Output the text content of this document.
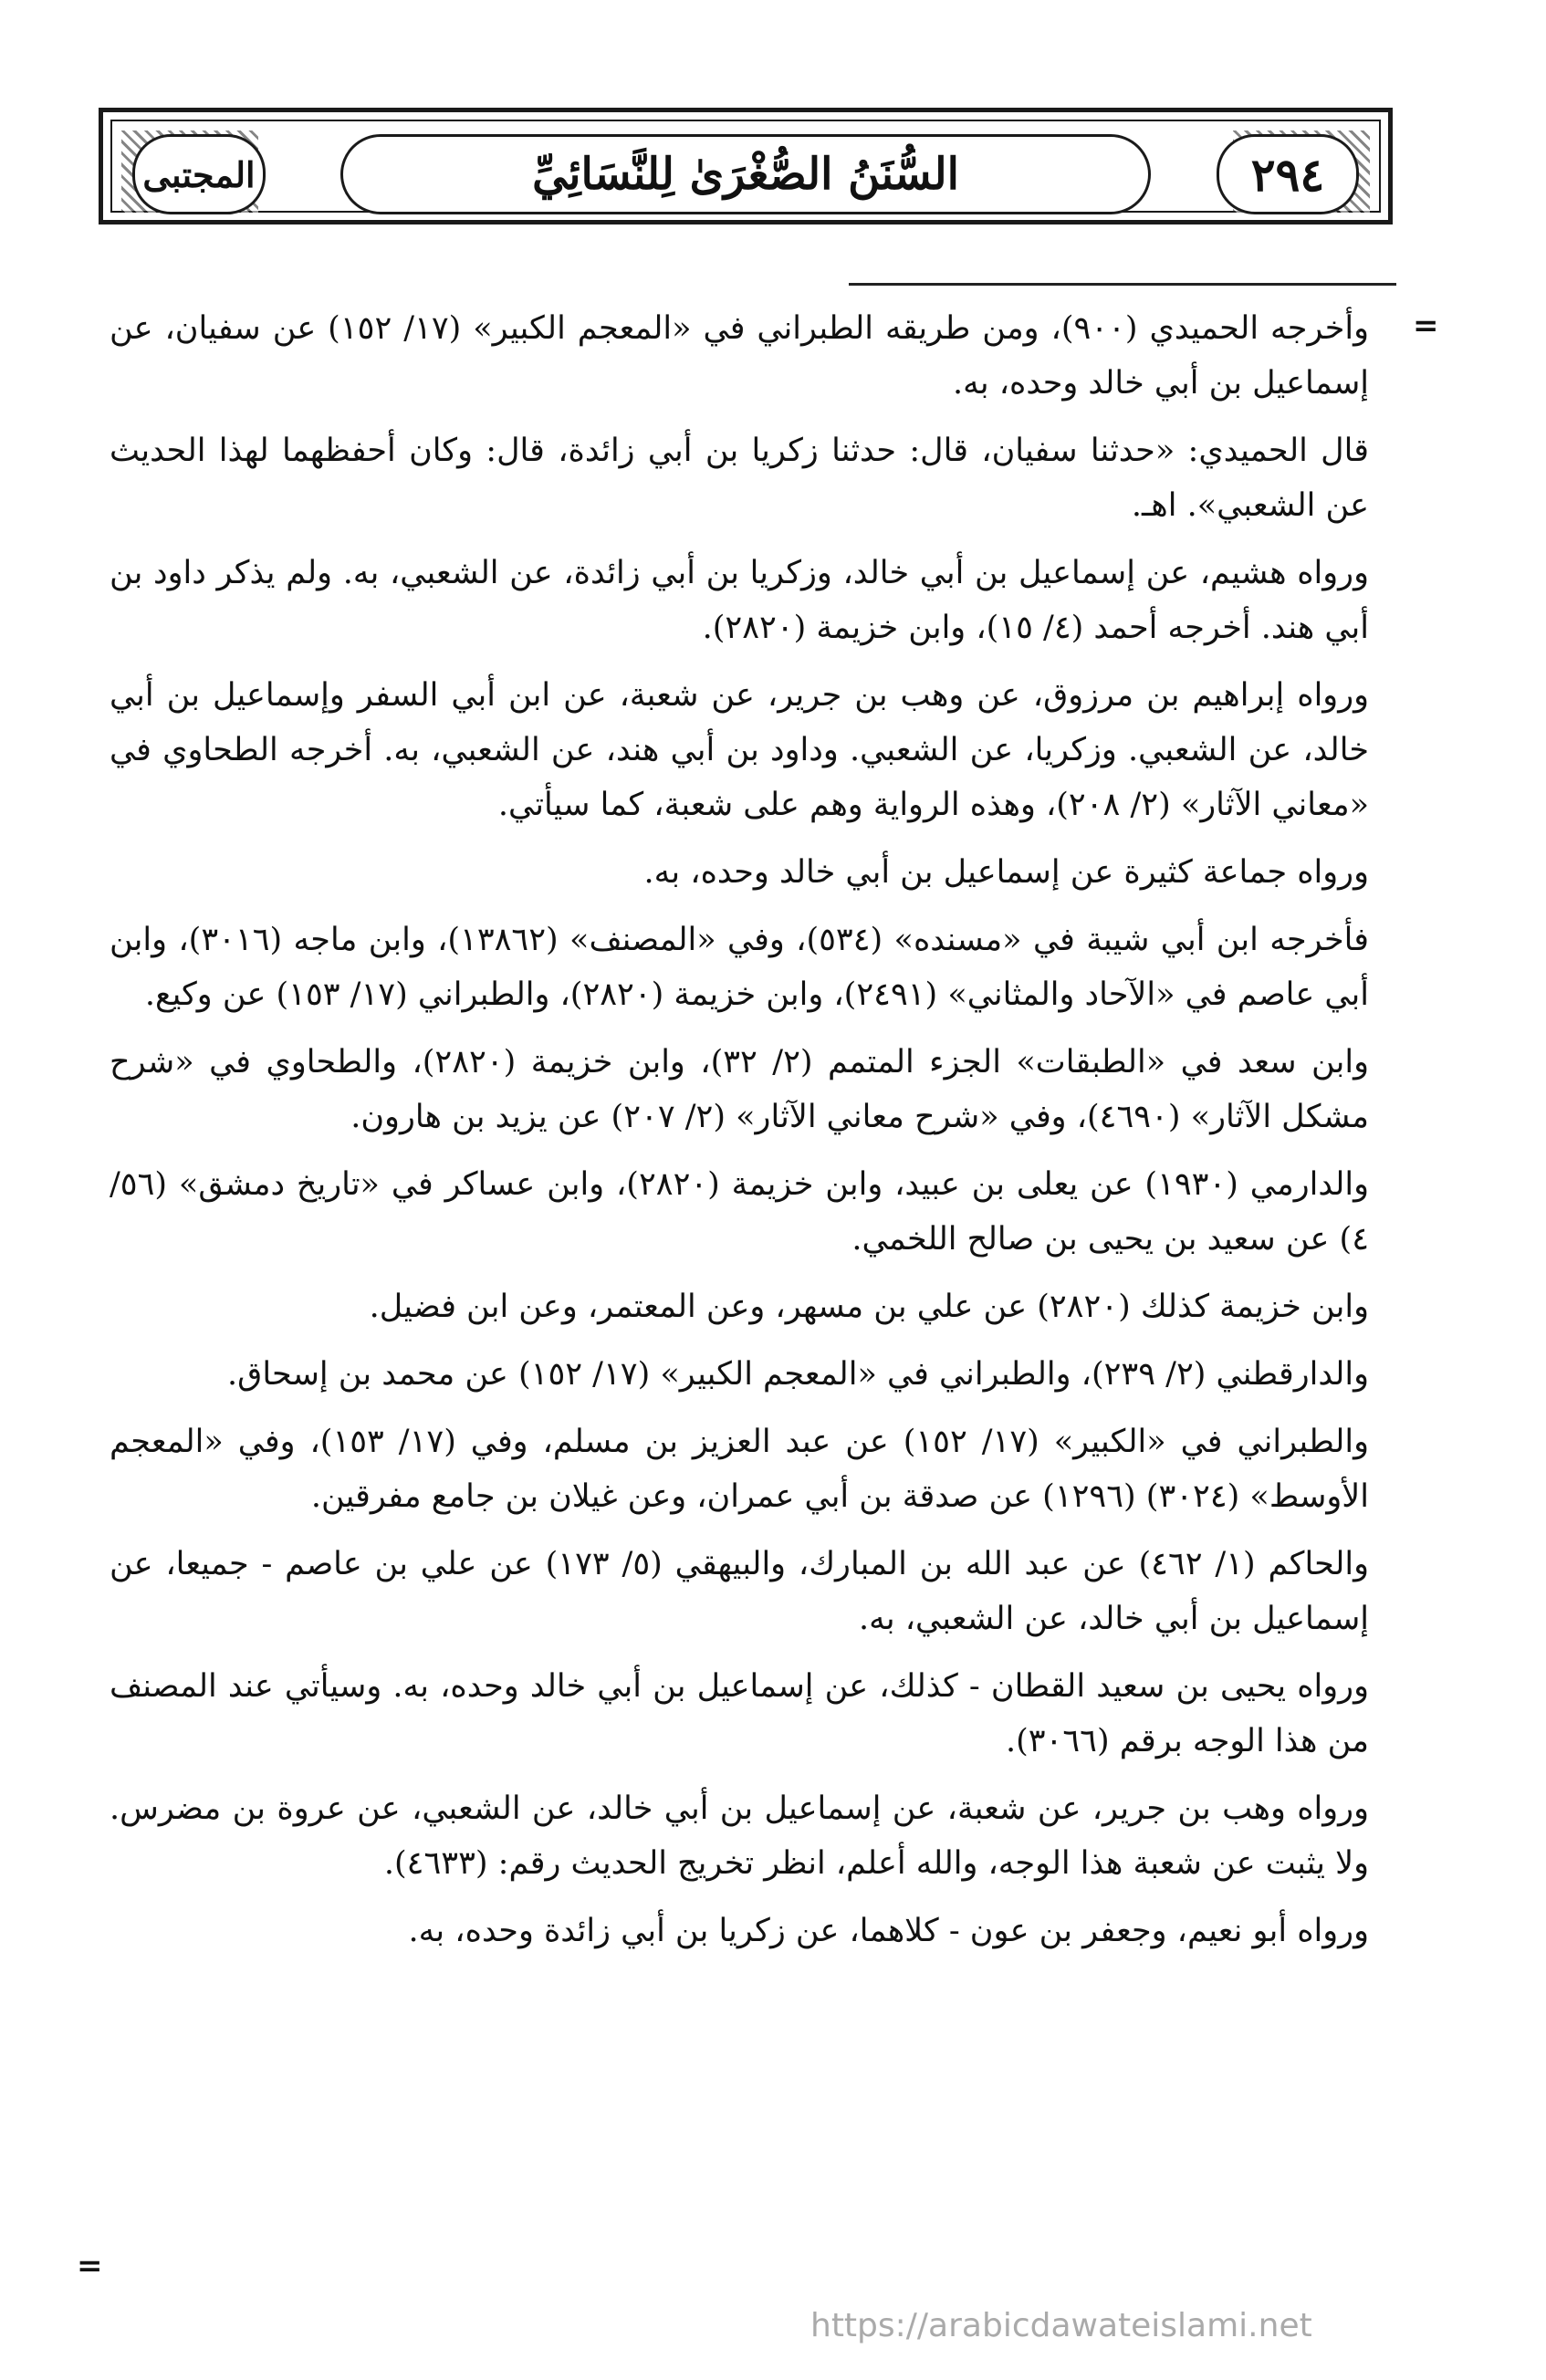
المجتبى	السُّنَنُ الصُّغْرَىٰ لِلنَّسَائِيِّ	٢٩٤
=

وأخرجه الحميدي (٩٠٠)، ومن طريقه الطبراني في «المعجم الكبير» (١٧/ ١٥٢) عن سفيان، عن إسماعيل بن أبي خالد وحده، به.

قال الحميدي: «حدثنا سفيان، قال: حدثنا زكريا بن أبي زائدة، قال: وكان أحفظهما لهذا الحديث عن الشعبي». اهـ.

ورواه هشيم، عن إسماعيل بن أبي خالد، وزكريا بن أبي زائدة، عن الشعبي، به. ولم يذكر داود بن أبي هند. أخرجه أحمد (٤/ ١٥)، وابن خزيمة (٢٨٢٠).

ورواه إبراهيم بن مرزوق، عن وهب بن جرير، عن شعبة، عن ابن أبي السفر وإسماعيل بن أبي خالد، عن الشعبي. وزكريا، عن الشعبي. وداود بن أبي هند، عن الشعبي، به. أخرجه الطحاوي في «معاني الآثار» (٢/ ٢٠٨)، وهذه الرواية وهم على شعبة، كما سيأتي.

ورواه جماعة كثيرة عن إسماعيل بن أبي خالد وحده، به.

فأخرجه ابن أبي شيبة في «مسنده» (٥٣٤)، وفي «المصنف» (١٣٨٦٢)، وابن ماجه (٣٠١٦)، وابن أبي عاصم في «الآحاد والمثاني» (٢٤٩١)، وابن خزيمة (٢٨٢٠)، والطبراني (١٧/ ١٥٣) عن وكيع.

وابن سعد في «الطبقات» الجزء المتمم (٢/ ٣٢)، وابن خزيمة (٢٨٢٠)، والطحاوي في «شرح مشكل الآثار» (٤٦٩٠)، وفي «شرح معاني الآثار» (٢/ ٢٠٧) عن يزيد بن هارون.

والدارمي (١٩٣٠) عن يعلى بن عبيد، وابن خزيمة (٢٨٢٠)، وابن عساكر في «تاريخ دمشق» (٥٦/ ٤) عن سعيد بن يحيى بن صالح اللخمي.

وابن خزيمة كذلك (٢٨٢٠) عن علي بن مسهر، وعن المعتمر، وعن ابن فضيل.

والدارقطني (٢/ ٢٣٩)، والطبراني في «المعجم الكبير» (١٧/ ١٥٢) عن محمد بن إسحاق.

والطبراني في «الكبير» (١٧/ ١٥٢) عن عبد العزيز بن مسلم، وفي (١٧/ ١٥٣)، وفي «المعجم الأوسط» (٣٠٢٤) (١٢٩٦) عن صدقة بن أبي عمران، وعن غيلان بن جامع مفرقين.

والحاكم (١/ ٤٦٢) عن عبد الله بن المبارك، والبيهقي (٥/ ١٧٣) عن علي بن عاصم - جميعا، عن إسماعيل بن أبي خالد، عن الشعبي، به.

ورواه يحيى بن سعيد القطان - كذلك، عن إسماعيل بن أبي خالد وحده، به. وسيأتي عند المصنف من هذا الوجه برقم (٣٠٦٦).

ورواه وهب بن جرير، عن شعبة، عن إسماعيل بن أبي خالد، عن الشعبي، عن عروة بن مضرس. ولا يثبت عن شعبة هذا الوجه، والله أعلم، انظر تخريج الحديث رقم: (٤٦٣٣).

ورواه أبو نعيم، وجعفر بن عون - كلاهما، عن زكريا بن أبي زائدة وحده، به.

=
https://arabicdawateislami.net
